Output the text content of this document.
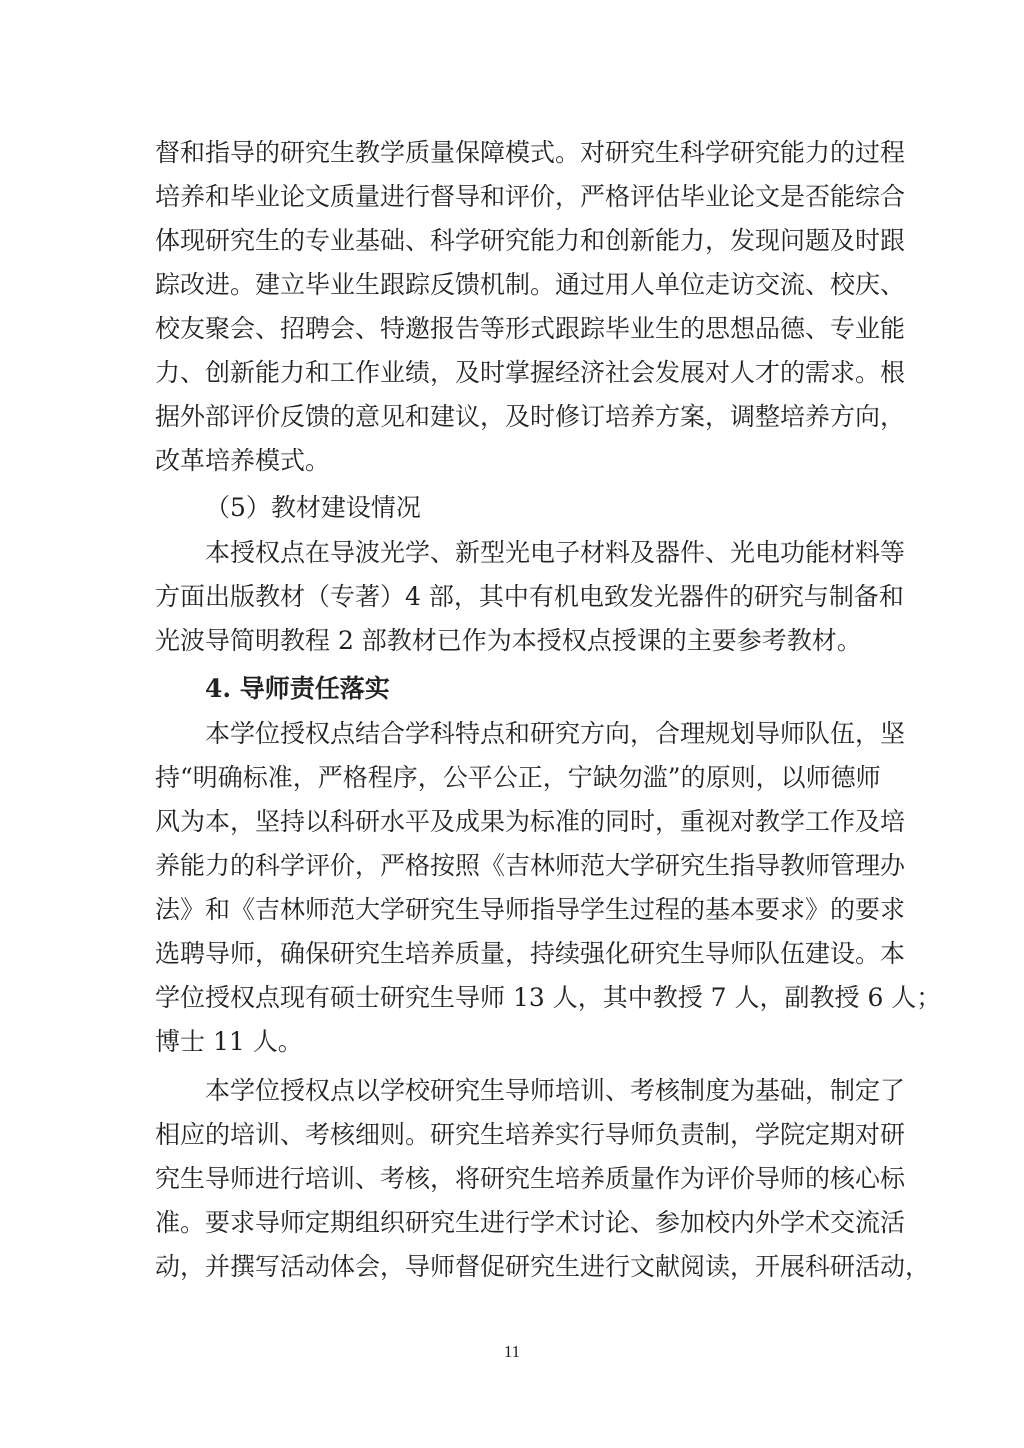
督和指导的研究生教学质量保障模式。对研究生科学研究能力的过程
培养和毕业论文质量进行督导和评价，严格评估毕业论文是否能综合
体现研究生的专业基础、科学研究能力和创新能力，发现问题及时跟
踪改进。建立毕业生跟踪反馈机制。通过用人单位走访交流、校庆、
校友聚会、招聘会、特邀报告等形式跟踪毕业生的思想品德、专业能
力、创新能力和工作业绩，及时掌握经济社会发展对人才的需求。根
据外部评价反馈的意见和建议，及时修订培养方案，调整培养方向，
改革培养模式。
（5）教材建设情况
本授权点在导波光学、新型光电子材料及器件、光电功能材料等
方面出版教材（专著）4 部，其中有机电致发光器件的研究与制备和
光波导简明教程 2 部教材已作为本授权点授课的主要参考教材。
4. 导师责任落实
本学位授权点结合学科特点和研究方向，合理规划导师队伍，坚
持“明确标准，严格程序，公平公正，宁缺勿滥”的原则，以师德师
风为本，坚持以科研水平及成果为标准的同时，重视对教学工作及培
养能力的科学评价，严格按照《吉林师范大学研究生指导教师管理办
法》和《吉林师范大学研究生导师指导学生过程的基本要求》的要求
选聘导师，确保研究生培养质量，持续强化研究生导师队伍建设。本
学位授权点现有硕士研究生导师 13 人，其中教授 7 人，副教授 6 人；
博士 11 人。
本学位授权点以学校研究生导师培训、考核制度为基础，制定了
相应的培训、考核细则。研究生培养实行导师负责制，学院定期对研
究生导师进行培训、考核，将研究生培养质量作为评价导师的核心标
准。要求导师定期组织研究生进行学术讨论、参加校内外学术交流活
动，并撰写活动体会，导师督促研究生进行文献阅读，开展科研活动，
11
